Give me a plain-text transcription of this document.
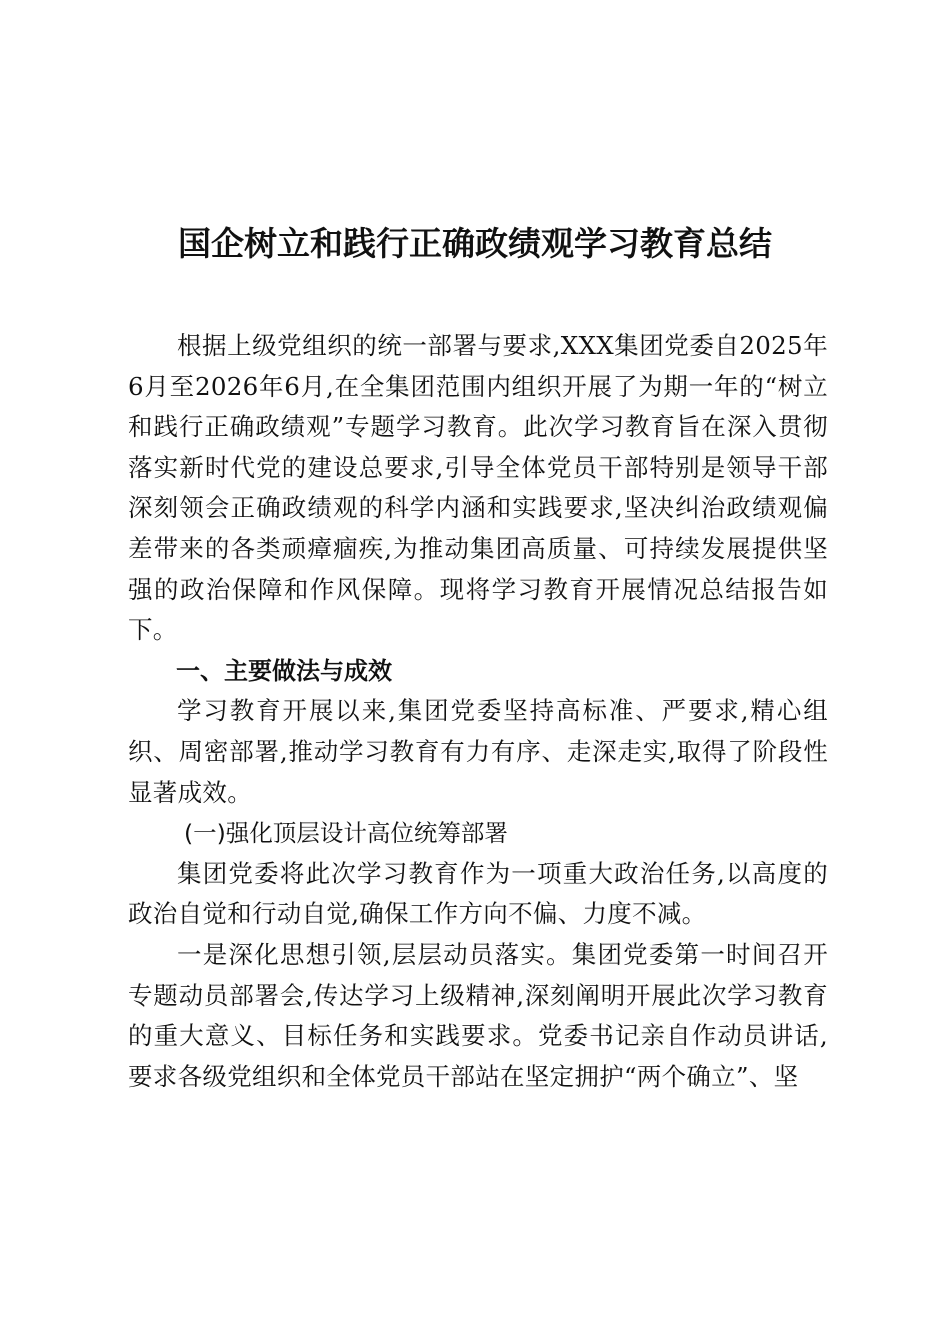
国企树立和践行正确政绩观学习教育总结

根据上级党组织的统一部署与要求,XXX集团党委自2025年6月至2026年6月,在全集团范围内组织开展了为期一年的“树立和践行正确政绩观”专题学习教育。此次学习教育旨在深入贯彻落实新时代党的建设总要求,引导全体党员干部特别是领导干部深刻领会正确政绩观的科学内涵和实践要求,坚决纠治政绩观偏差带来的各类顽瘴痼疾,为推动集团高质量、可持续发展提供坚强的政治保障和作风保障。现将学习教育开展情况总结报告如下。

一、主要做法与成效

学习教育开展以来,集团党委坚持高标准、严要求,精心组织、周密部署,推动学习教育有力有序、走深走实,取得了阶段性显著成效。

(一)强化顶层设计高位统筹部署

集团党委将此次学习教育作为一项重大政治任务,以高度的政治自觉和行动自觉,确保工作方向不偏、力度不减。

一是深化思想引领,层层动员落实。集团党委第一时间召开专题动员部署会,传达学习上级精神,深刻阐明开展此次学习教育的重大意义、目标任务和实践要求。党委书记亲自作动员讲话,要求各级党组织和全体党员干部站在坚定拥护“两个确立”、坚
